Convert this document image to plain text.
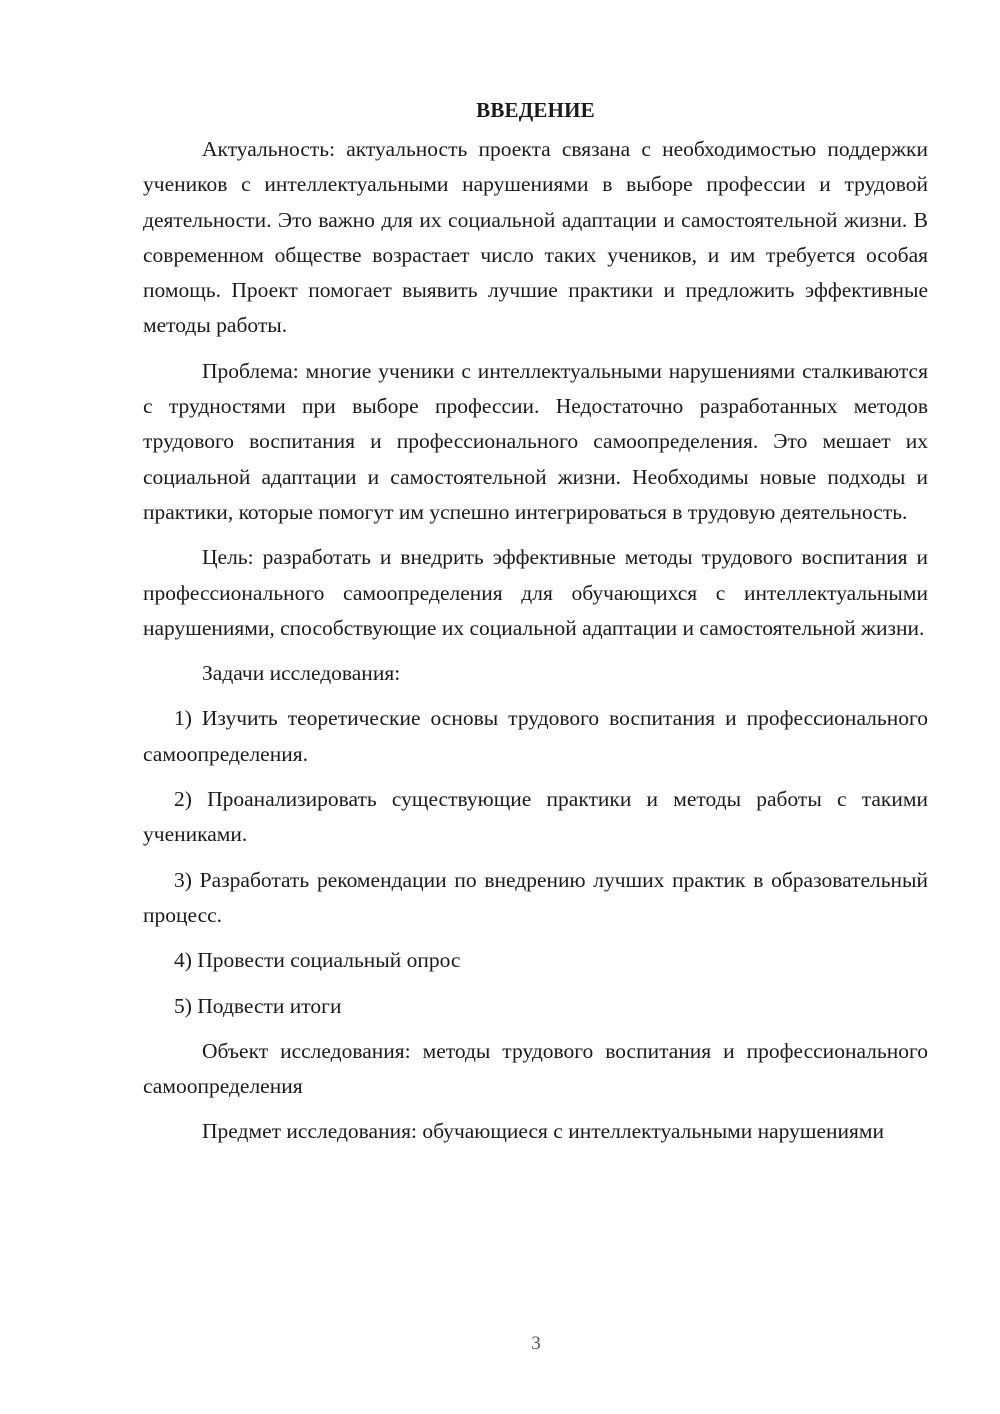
ВВЕДЕНИЕ

Актуальность: актуальность проекта связана с необходимостью поддержки учеников с интеллектуальными нарушениями в выборе профессии и трудовой деятельности. Это важно для их социальной адаптации и самостоятельной жизни. В современном обществе возрастает число таких учеников, и им требуется особая помощь. Проект помогает выявить лучшие практики и предложить эффективные методы работы.

Проблема: многие ученики с интеллектуальными нарушениями сталкиваются с трудностями при выборе профессии. Недостаточно разработанных методов трудового воспитания и профессионального самоопределения. Это мешает их социальной адаптации и самостоятельной жизни. Необходимы новые подходы и практики, которые помогут им успешно интегрироваться в трудовую деятельность.

Цель: разработать и внедрить эффективные методы трудового воспитания и профессионального самоопределения для обучающихся с интеллектуальными нарушениями, способствующие их социальной адаптации и самостоятельной жизни.

Задачи исследования:

1) Изучить теоретические основы трудового воспитания и профессионального самоопределения.

2) Проанализировать существующие практики и методы работы с такими учениками.

3) Разработать рекомендации по внедрению лучших практик в образовательный процесс.

4) Провести социальный опрос

5) Подвести итоги

Объект исследования: методы трудового воспитания и профессионального самоопределения

Предмет исследования: обучающиеся с интеллектуальными нарушениями

3
